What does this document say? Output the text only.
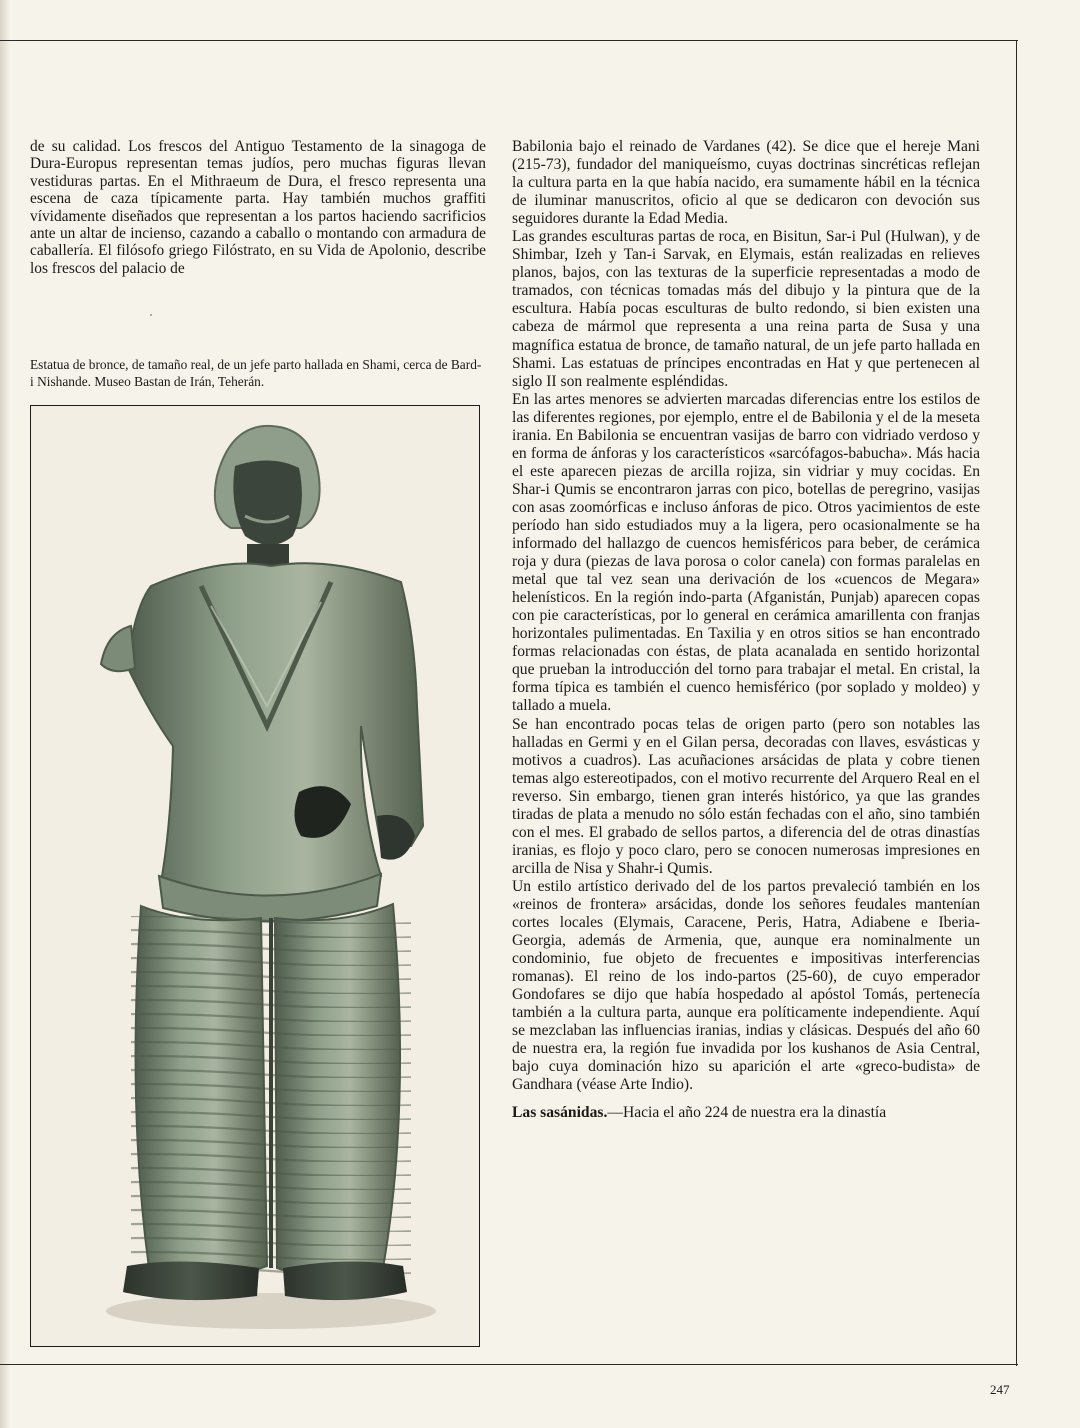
de su calidad. Los frescos del Antiguo Testamento de la sinagoga de Dura-Europus representan temas judíos, pero muchas figuras llevan vestiduras partas. En el Mithraeum de Dura, el fresco representa una escena de caza típicamente parta. Hay también muchos graffiti vívidamente diseñados que representan a los partos haciendo sacrificios ante un altar de incienso, cazando a caballo o montando con armadura de caballería. El filósofo griego Filóstrato, en su Vida de Apolonio, describe los frescos del palacio de

Estatua de bronce, de tamaño real, de un jefe parto hallada en Shami, cerca de Bard-i Nishande. Museo Bastan de Irán, Teherán.

Babilonia bajo el reinado de Vardanes (42). Se dice que el hereje Mani (215-73), fundador del maniqueísmo, cuyas doctrinas sincréticas reflejan la cultura parta en la que había nacido, era sumamente hábil en la técnica de iluminar manuscritos, oficio al que se dedicaron con devoción sus seguidores durante la Edad Media.

Las grandes esculturas partas de roca, en Bisitun, Sar-i Pul (Hulwan), y de Shimbar, Izeh y Tan-i Sarvak, en Elymais, están realizadas en relieves planos, bajos, con las texturas de la superficie representadas a modo de tramados, con técnicas tomadas más del dibujo y la pintura que de la escultura. Había pocas esculturas de bulto redondo, si bien existen una cabeza de mármol que representa a una reina parta de Susa y una magnífica estatua de bronce, de tamaño natural, de un jefe parto hallada en Shami. Las estatuas de príncipes encontradas en Hat y que pertenecen al siglo II son realmente espléndidas.

En las artes menores se advierten marcadas diferencias entre los estilos de las diferentes regiones, por ejemplo, entre el de Babilonia y el de la meseta irania. En Babilonia se encuentran vasijas de barro con vidriado verdoso y en forma de ánforas y los característicos «sarcófagos-babucha». Más hacia el este aparecen piezas de arcilla rojiza, sin vidriar y muy cocidas. En Shar-i Qumis se encontraron jarras con pico, botellas de peregrino, vasijas con asas zoomórficas e incluso ánforas de pico. Otros yacimientos de este período han sido estudiados muy a la ligera, pero ocasionalmente se ha informado del hallazgo de cuencos hemisféricos para beber, de cerámica roja y dura (piezas de lava porosa o color canela) con formas paralelas en metal que tal vez sean una derivación de los «cuencos de Megara» helenísticos. En la región indo-parta (Afganistán, Punjab) aparecen copas con pie características, por lo general en cerámica amarillenta con franjas horizontales pulimentadas. En Taxilia y en otros sitios se han encontrado formas relacionadas con éstas, de plata acanalada en sentido horizontal que prueban la introducción del torno para trabajar el metal. En cristal, la forma típica es también el cuenco hemisférico (por soplado y moldeo) y tallado a muela.

Se han encontrado pocas telas de origen parto (pero son notables las halladas en Germi y en el Gilan persa, decoradas con llaves, esvásticas y motivos a cuadros). Las acuñaciones arsácidas de plata y cobre tienen temas algo estereotipados, con el motivo recurrente del Arquero Real en el reverso. Sin embargo, tienen gran interés histórico, ya que las grandes tiradas de plata a menudo no sólo están fechadas con el año, sino también con el mes. El grabado de sellos partos, a diferencia del de otras dinastías iranias, es flojo y poco claro, pero se conocen numerosas impresiones en arcilla de Nisa y Shahr-i Qumis.

Un estilo artístico derivado del de los partos prevaleció también en los «reinos de frontera» arsácidas, donde los señores feudales mantenían cortes locales (Elymais, Caracene, Peris, Hatra, Adiabene e Iberia-Georgia, además de Armenia, que, aunque era nominalmente un condominio, fue objeto de frecuentes e impositivas interferencias romanas). El reino de los indo-partos (25-60), de cuyo emperador Gondofares se dijo que había hospedado al apóstol Tomás, pertenecía también a la cultura parta, aunque era políticamente independiente. Aquí se mezclaban las influencias iranias, indias y clásicas. Después del año 60 de nuestra era, la región fue invadida por los kushanos de Asia Central, bajo cuya dominación hizo su aparición el arte «greco-budista» de Gandhara (véase Arte Indio).

Las sasánidas.—Hacia el año 224 de nuestra era la dinastía

247
